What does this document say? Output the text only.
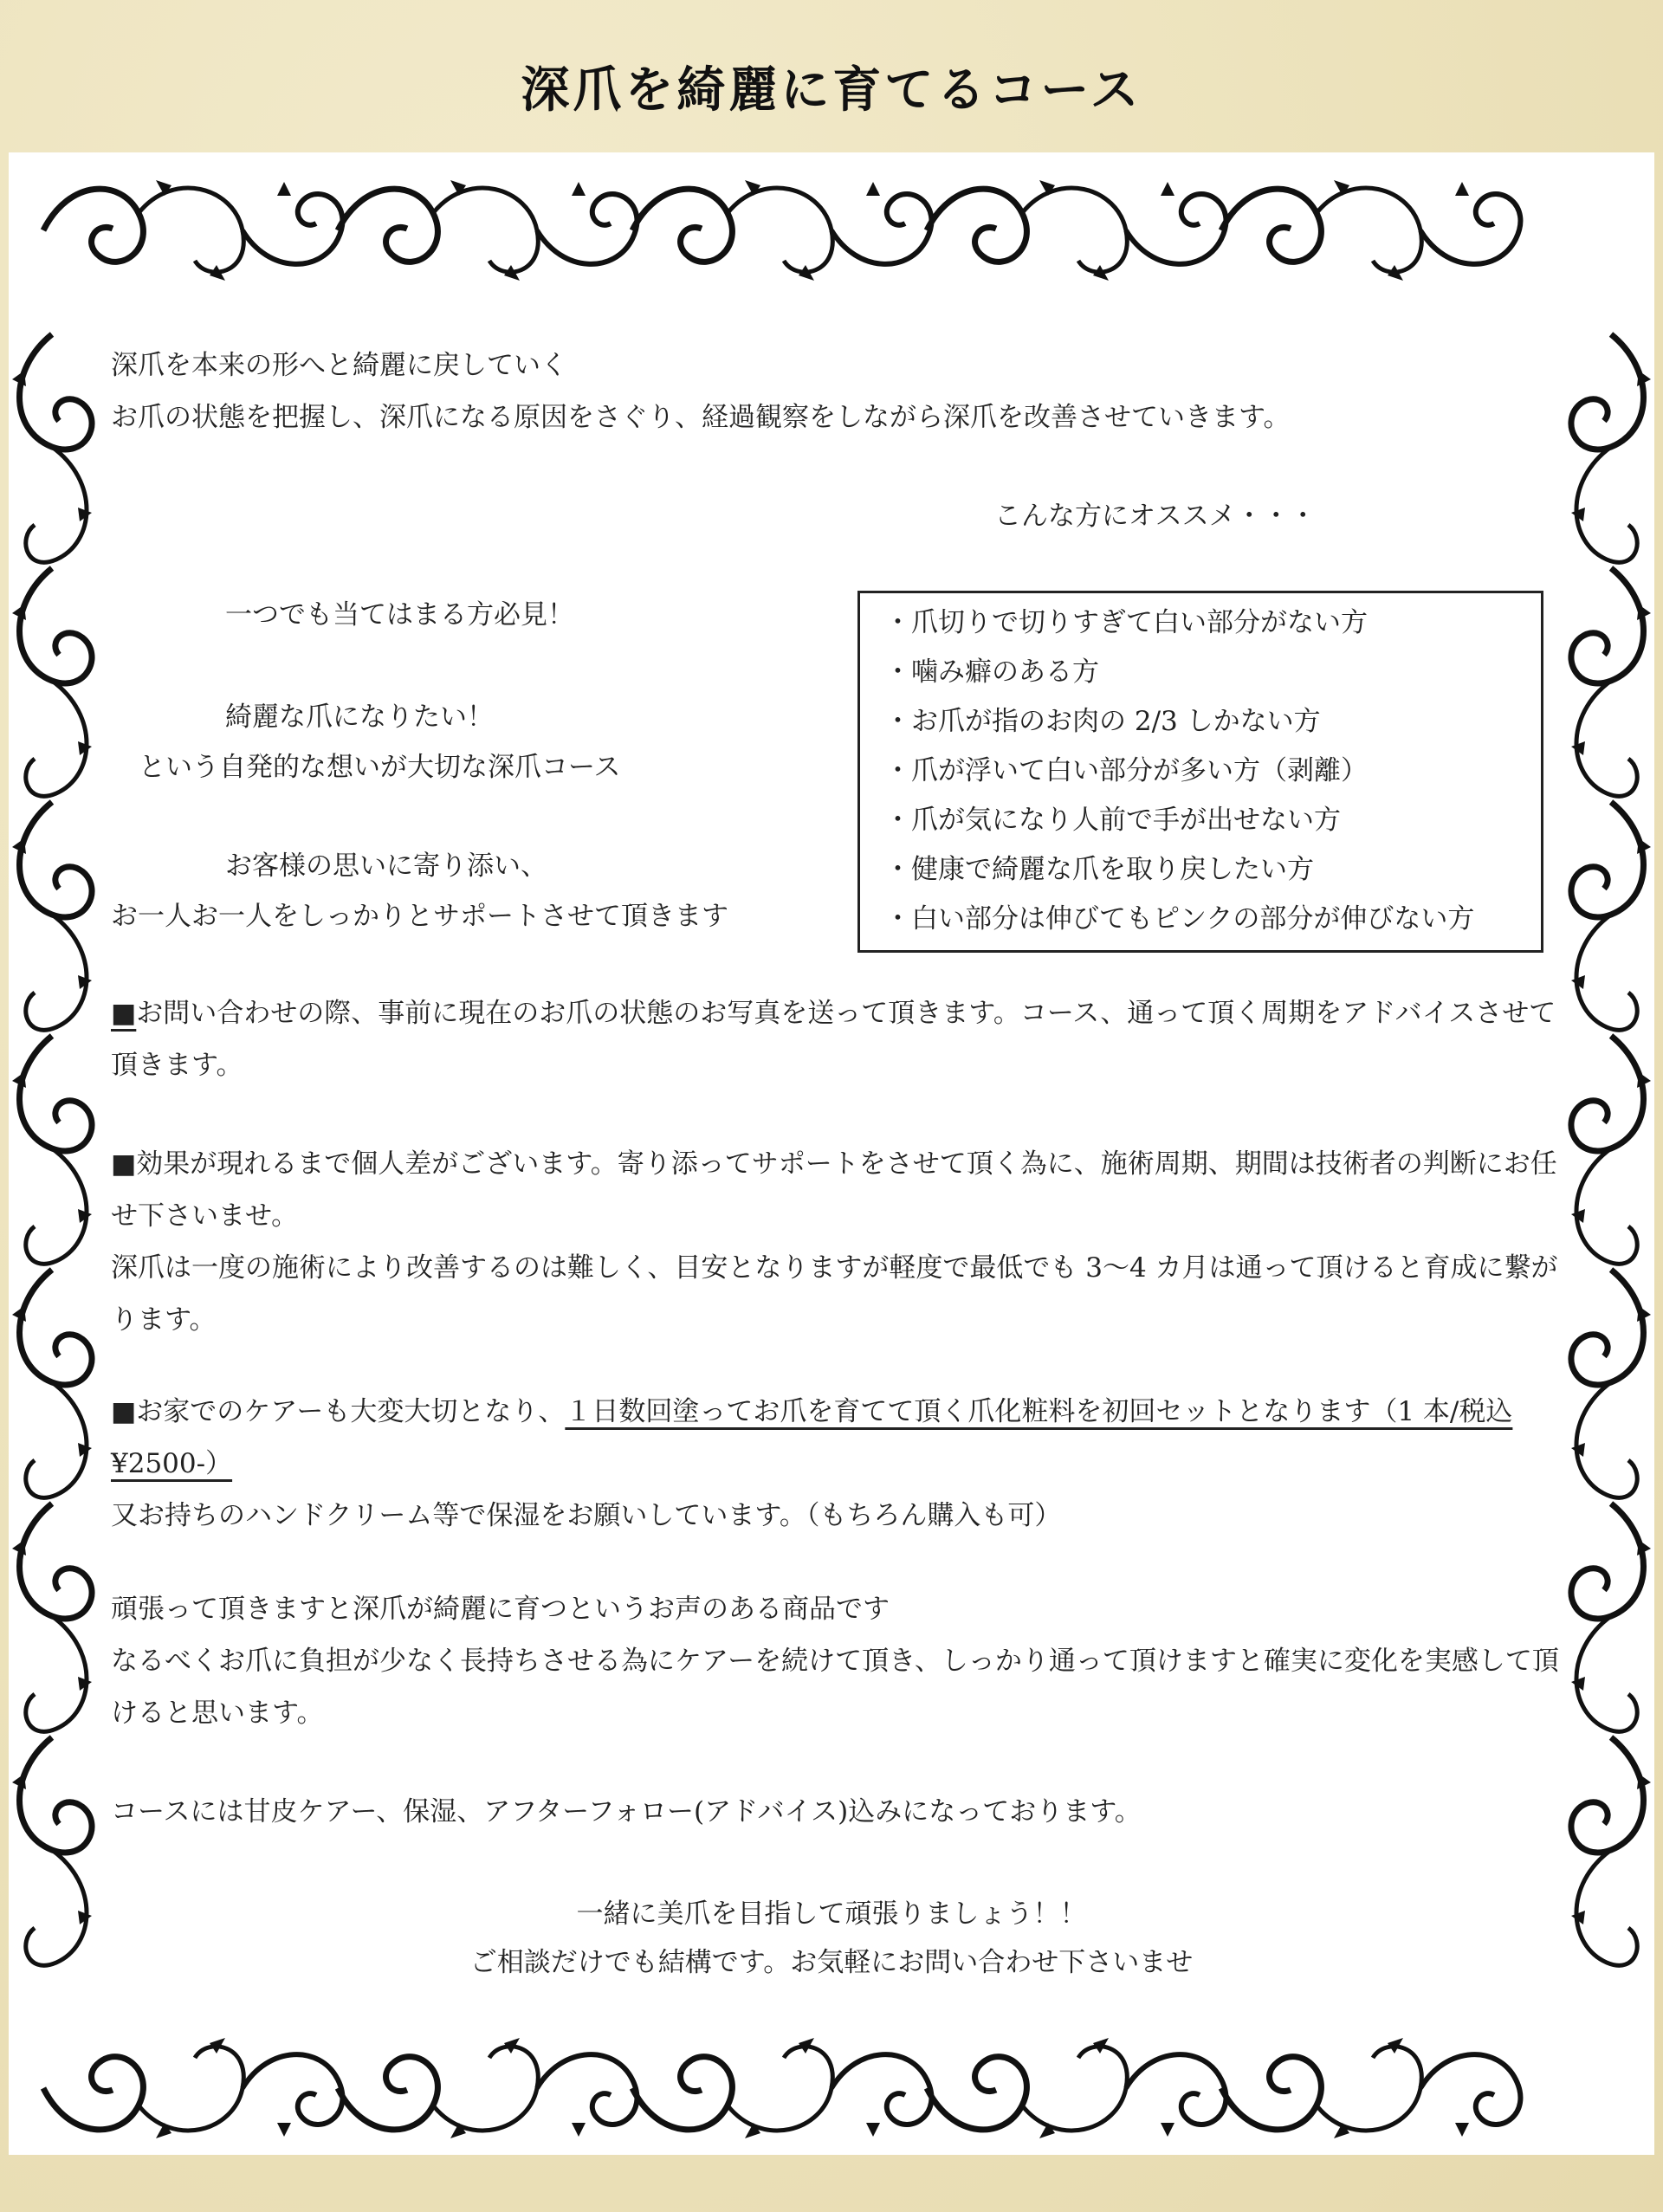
深爪を綺麗に育てるコース
深爪を本来の形へと綺麗に戻していく
お爪の状態を把握し、深爪になる原因をさぐり、経過観察をしながら深爪を改善させていきます。
こんな方にオススメ・・・
一つでも当てはまる方必見！
綺麗な爪になりたい！
という自発的な想いが大切な深爪コース
お客様の思いに寄り添い、
お一人お一人をしっかりとサポートさせて頂きます
・爪切りで切りすぎて白い部分がない方
・噛み癖のある方
・お爪が指のお肉の 2/3 しかない方
・爪が浮いて白い部分が多い方（剥離）
・爪が気になり人前で手が出せない方
・健康で綺麗な爪を取り戻したい方
・白い部分は伸びてもピンクの部分が伸びない方
■お問い合わせの際、事前に現在のお爪の状態のお写真を送って頂きます。コース、通って頂く周期をアドバイスさせて頂きます。
■効果が現れるまで個人差がございます。寄り添ってサポートをさせて頂く為に、施術周期、期間は技術者の判断にお任せ下さいませ。
深爪は一度の施術により改善するのは難しく、目安となりますが軽度で最低でも 3〜4 カ月は通って頂けると育成に繋がります。
■お家でのケアーも大変大切となり、１日数回塗ってお爪を育てて頂く爪化粧料を初回セットとなります（1 本/税込¥2500-）
又お持ちのハンドクリーム等で保湿をお願いしています。（もちろん購入も可）
頑張って頂きますと深爪が綺麗に育つというお声のある商品です
なるべくお爪に負担が少なく長持ちさせる為にケアーを続けて頂き、しっかり通って頂けますと確実に変化を実感して頂けると思います。
コースには甘皮ケアー、保湿、アフターフォロー(アドバイス)込みになっております。
一緒に美爪を目指して頑張りましょう！！
ご相談だけでも結構です。お気軽にお問い合わせ下さいませ
